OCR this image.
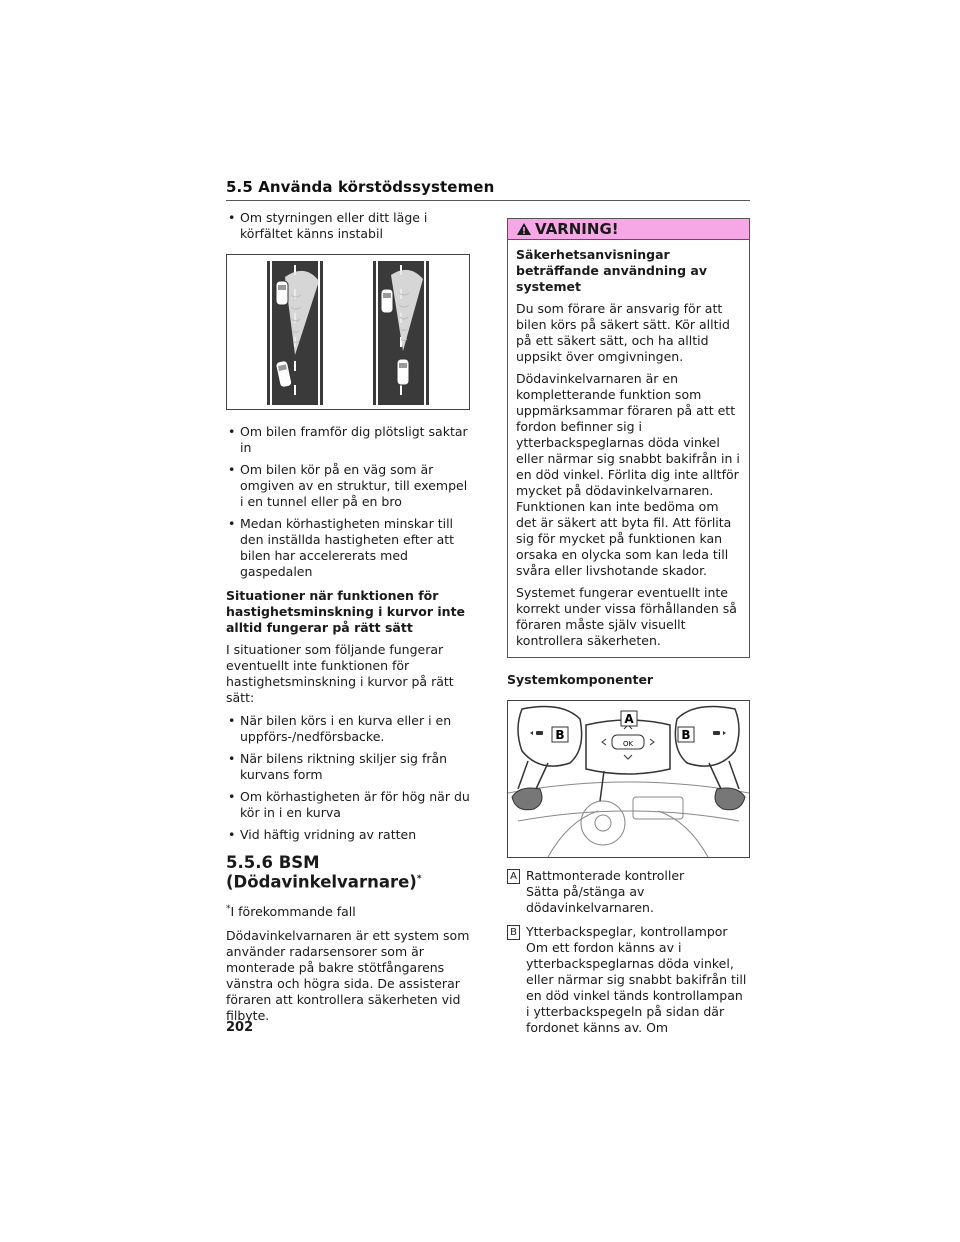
5.5 Använda körstödssystemen
• Om styrningen eller ditt läge i körfältet känns instabil
• Om bilen framför dig plötsligt saktar in
• Om bilen kör på en väg som är omgiven av en struktur, till exempel i en tunnel eller på en bro
• Medan körhastigheten minskar till den inställda hastigheten efter att bilen har accelererats med gaspedalen
Situationer när funktionen för hastighetsminskning i kurvor inte alltid fungerar på rätt sätt

I situationer som följande fungerar eventuellt inte funktionen för hastighetsminskning i kurvor på rätt sätt:

• När bilen körs i en kurva eller i en uppförs-/nedförsbacke.
• När bilens riktning skiljer sig från kurvans form
• Om körhastigheten är för hög när du kör in i en kurva
• Vid häftig vridning av ratten
5.5.6 BSM (Dödavinkelvarnare)*
*I förekommande fall

Dödavinkelvarnaren är ett system som använder radarsensorer som är monterade på bakre stötfångarens vänstra och högra sida. De assisterar föraren att kontrollera säkerheten vid filbyte.

VARNING!
Säkerhetsanvisningar beträffande användning av systemet

Du som förare är ansvarig för att bilen körs på säkert sätt. Kör alltid på ett säkert sätt, och ha alltid uppsikt över omgivningen.

Dödavinkelvarnaren är en kompletterande funktion som uppmärksammar föraren på att ett fordon befinner sig i ytterbackspeglarnas döda vinkel eller närmar sig snabbt bakifrån in i en död vinkel. Förlita dig inte alltför mycket på dödavinkelvarnaren. Funktionen kan inte bedöma om det är säkert att byta fil. Att förlita sig för mycket på funktionen kan orsaka en olycka som kan leda till svåra eller livshotande skador.

Systemet fungerar eventuellt inte korrekt under vissa förhållanden så föraren måste själv visuellt kontrollera säkerheten.

Systemkomponenter
A
B	B
OK
A Rattmonterade kontroller
Sätta på/stänga av dödavinkelvarnaren.
B Ytterbackspeglar, kontrollampor
Om ett fordon känns av i ytterbackspeglarnas döda vinkel, eller närmar sig snabbt bakifrån till en död vinkel tänds kontrollampan i ytterbackspegeln på sidan där fordonet känns av. Om
202
